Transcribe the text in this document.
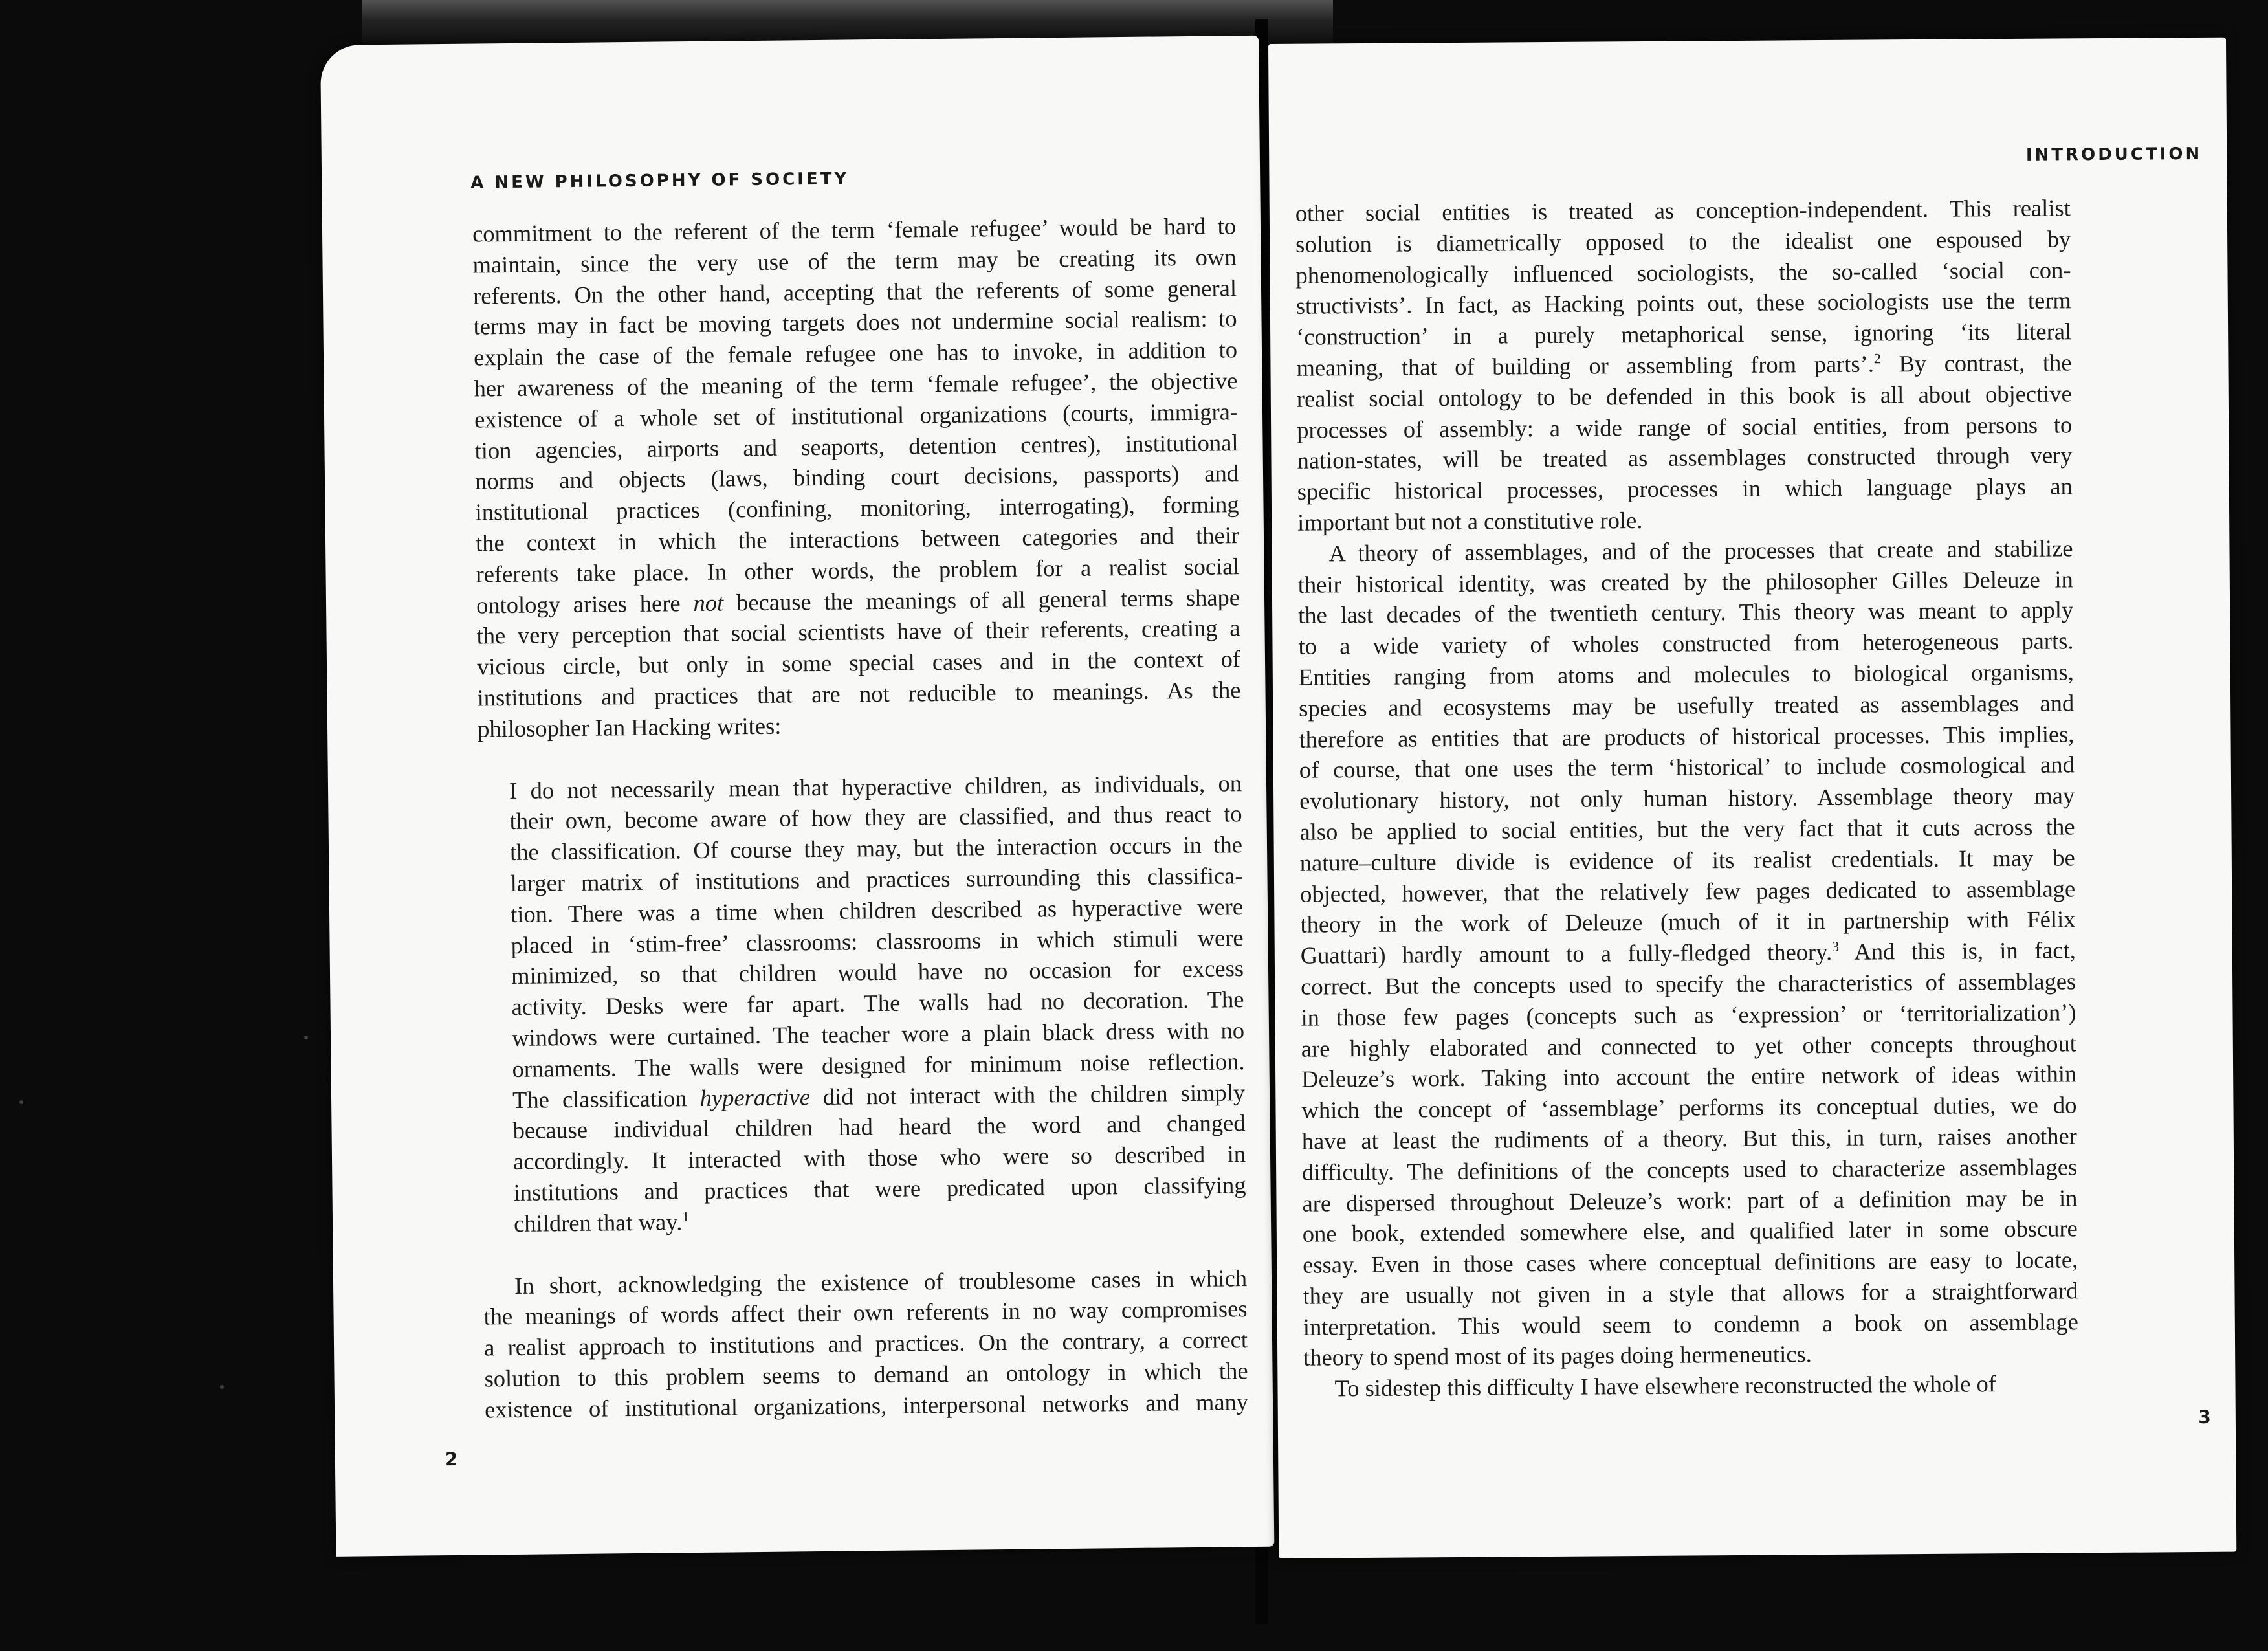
A NEW PHILOSOPHY OF SOCIETY
commitment to the referent of the term ‘female refugee’ would be hard to
maintain, since the very use of the term may be creating its own
referents. On the other hand, accepting that the referents of some general
terms may in fact be moving targets does not undermine social realism: to
explain the case of the female refugee one has to invoke, in addition to
her awareness of the meaning of the term ‘female refugee’, the objective
existence of a whole set of institutional organizations (courts, immigra-
tion agencies, airports and seaports, detention centres), institutional
norms and objects (laws, binding court decisions, passports) and
institutional practices (confining, monitoring, interrogating), forming
the context in which the interactions between categories and their
referents take place. In other words, the problem for a realist social
ontology arises here not because the meanings of all general terms shape
the very perception that social scientists have of their referents, creating a
vicious circle, but only in some special cases and in the context of
institutions and practices that are not reducible to meanings. As the
philosopher Ian Hacking writes:
I do not necessarily mean that hyperactive children, as individuals, on
their own, become aware of how they are classified, and thus react to
the classification. Of course they may, but the interaction occurs in the
larger matrix of institutions and practices surrounding this classifica-
tion. There was a time when children described as hyperactive were
placed in ‘stim-free’ classrooms: classrooms in which stimuli were
minimized, so that children would have no occasion for excess
activity. Desks were far apart. The walls had no decoration. The
windows were curtained. The teacher wore a plain black dress with no
ornaments. The walls were designed for minimum noise reflection.
The classification hyperactive did not interact with the children simply
because individual children had heard the word and changed
accordingly. It interacted with those who were so described in
institutions and practices that were predicated upon classifying
children that way.$^1$
In short, acknowledging the existence of troublesome cases in which
the meanings of words affect their own referents in no way compromises
a realist approach to institutions and practices. On the contrary, a correct
solution to this problem seems to demand an ontology in which the
existence of institutional organizations, interpersonal networks and many
2
INTRODUCTION
other social entities is treated as conception-independent. This realist
solution is diametrically opposed to the idealist one espoused by
phenomenologically influenced sociologists, the so-called ‘social con-
structivists’. In fact, as Hacking points out, these sociologists use the term
‘construction’ in a purely metaphorical sense, ignoring ‘its literal
meaning, that of building or assembling from parts’.$^2$ By contrast, the
realist social ontology to be defended in this book is all about objective
processes of assembly: a wide range of social entities, from persons to
nation-states, will be treated as assemblages constructed through very
specific historical processes, processes in which language plays an
important but not a constitutive role.
A theory of assemblages, and of the processes that create and stabilize
their historical identity, was created by the philosopher Gilles Deleuze in
the last decades of the twentieth century. This theory was meant to apply
to a wide variety of wholes constructed from heterogeneous parts.
Entities ranging from atoms and molecules to biological organisms,
species and ecosystems may be usefully treated as assemblages and
therefore as entities that are products of historical processes. This implies,
of course, that one uses the term ‘historical’ to include cosmological and
evolutionary history, not only human history. Assemblage theory may
also be applied to social entities, but the very fact that it cuts across the
nature–culture divide is evidence of its realist credentials. It may be
objected, however, that the relatively few pages dedicated to assemblage
theory in the work of Deleuze (much of it in partnership with Félix
Guattari) hardly amount to a fully-fledged theory.$^3$ And this is, in fact,
correct. But the concepts used to specify the characteristics of assemblages
in those few pages (concepts such as ‘expression’ or ‘territorialization’)
are highly elaborated and connected to yet other concepts throughout
Deleuze’s work. Taking into account the entire network of ideas within
which the concept of ‘assemblage’ performs its conceptual duties, we do
have at least the rudiments of a theory. But this, in turn, raises another
difficulty. The definitions of the concepts used to characterize assemblages
are dispersed throughout Deleuze’s work: part of a definition may be in
one book, extended somewhere else, and qualified later in some obscure
essay. Even in those cases where conceptual definitions are easy to locate,
they are usually not given in a style that allows for a straightforward
interpretation. This would seem to condemn a book on assemblage
theory to spend most of its pages doing hermeneutics.
To sidestep this difficulty I have elsewhere reconstructed the whole of
3
